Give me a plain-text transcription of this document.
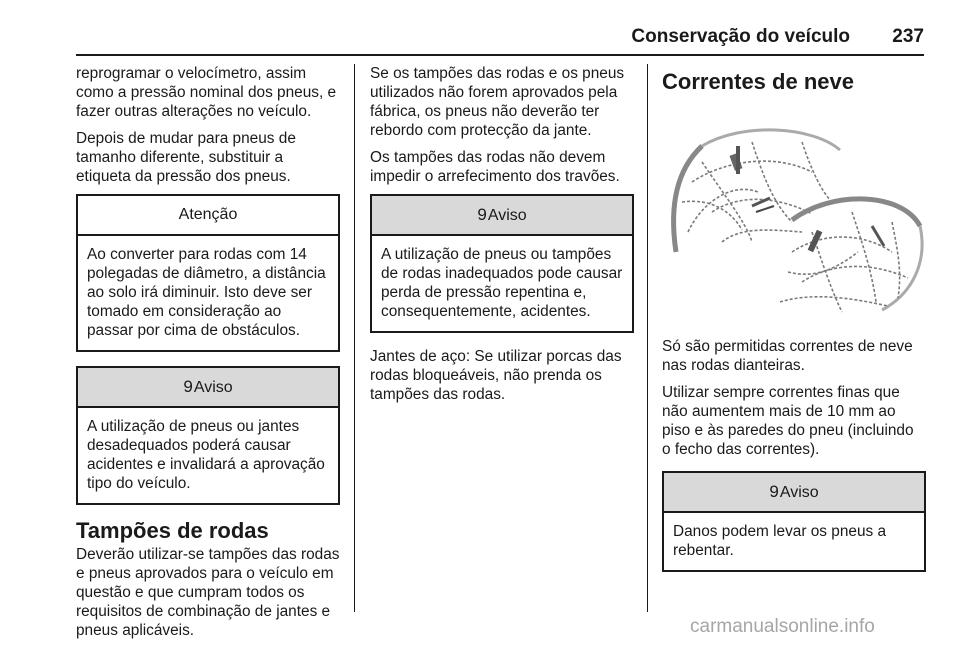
Conservação do veículo 237

reprogramar o velocímetro, assim como a pressão nominal dos pneus, e fazer outras alterações no veículo.

Depois de mudar para pneus de tamanho diferente, substituir a etiqueta da pressão dos pneus.

Atenção
Ao converter para rodas com 14 polegadas de diâmetro, a distância ao solo irá diminuir. Isto deve ser tomado em consideração ao passar por cima de obstáculos.
9Aviso
A utilização de pneus ou jantes desadequados poderá causar acidentes e invalidará a aprovação tipo do veículo.
Tampões de rodas

Deverão utilizar-se tampões das rodas e pneus aprovados para o veículo em questão e que cumpram todos os requisitos de combinação de jantes e pneus aplicáveis.

Se os tampões das rodas e os pneus utilizados não forem aprovados pela fábrica, os pneus não deverão ter rebordo com protecção da jante.

Os tampões das rodas não devem impedir o arrefecimento dos travões.

9Aviso
A utilização de pneus ou tampões de rodas inadequados pode causar perda de pressão repentina e, consequentemente, acidentes.

Jantes de aço: Se utilizar porcas das rodas bloqueáveis, não prenda os tampões das rodas.

Correntes de neve

Só são permitidas correntes de neve nas rodas dianteiras.

Utilizar sempre correntes finas que não aumentem mais de 10 mm ao piso e às paredes do pneu (incluindo o fecho das correntes).

9Aviso
Danos podem levar os pneus a rebentar.
carmanualsonline.info
